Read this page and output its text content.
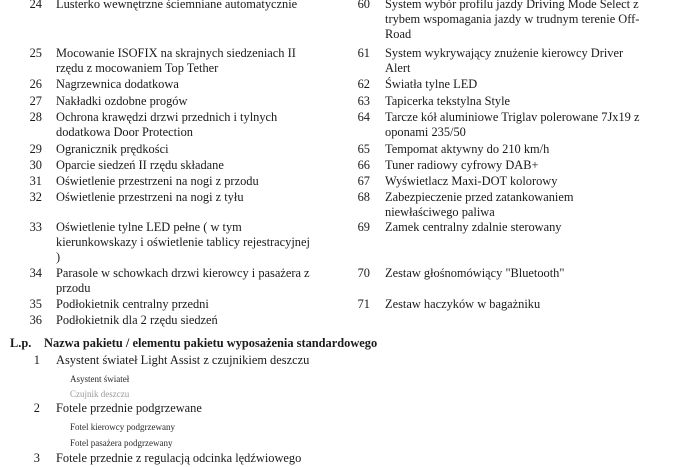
24 Lusterko wewnętrzne ściemniane automatycznie
25 Mocowanie ISOFIX na skrajnych siedzeniach II
rzędu z mocowaniem Top Tether
26 Nagrzewnica dodatkowa
27 Nakładki ozdobne progów
28 Ochrona krawędzi drzwi przednich i tylnych
dodatkowa Door Protection
29 Ogranicznik prędkości
30 Oparcie siedzeń II rzędu składane
31 Oświetlenie przestrzeni na nogi z przodu
32 Oświetlenie przestrzeni na nogi z tyłu
33 Oświetlenie tylne LED pełne ( w tym
kierunkowskazy i oświetlenie tablicy rejestracyjnej
)
34 Parasole w schowkach drzwi kierowcy i pasażera z
przodu
35 Podłokietnik centralny przedni
36 Podłokietnik dla 2 rzędu siedzeń
60 System wybór profilu jazdy Driving Mode Select z
trybem wspomagania jazdy w trudnym terenie Off-
Road
61 System wykrywający znużenie kierowcy Driver
Alert
62 Światła tylne LED
63 Tapicerka tekstylna Style
64 Tarcze kół aluminiowe Triglav polerowane 7Jx19 z
oponami 235/50
65 Tempomat aktywny do 210 km/h
66 Tuner radiowy cyfrowy DAB+
67 Wyświetlacz Maxi-DOT kolorowy
68 Zabezpieczenie przed zatankowaniem
niewłaściwego paliwa
69 Zamek centralny zdalnie sterowany
70 Zestaw głośnomówiący "Bluetooth"
71 Zestaw haczyków w bagażniku
L.p. Nazwa pakietu / elementu pakietu wyposażenia standardowego
1 Asystent świateł Light Assist z czujnikiem deszczu
Asystent świateł
Czujnik deszczu
2 Fotele przednie podgrzewane
Fotel kierowcy podgrzewany
Fotel pasażera podgrzewany
3 Fotele przednie z regulacją odcinka lędźwiowego
